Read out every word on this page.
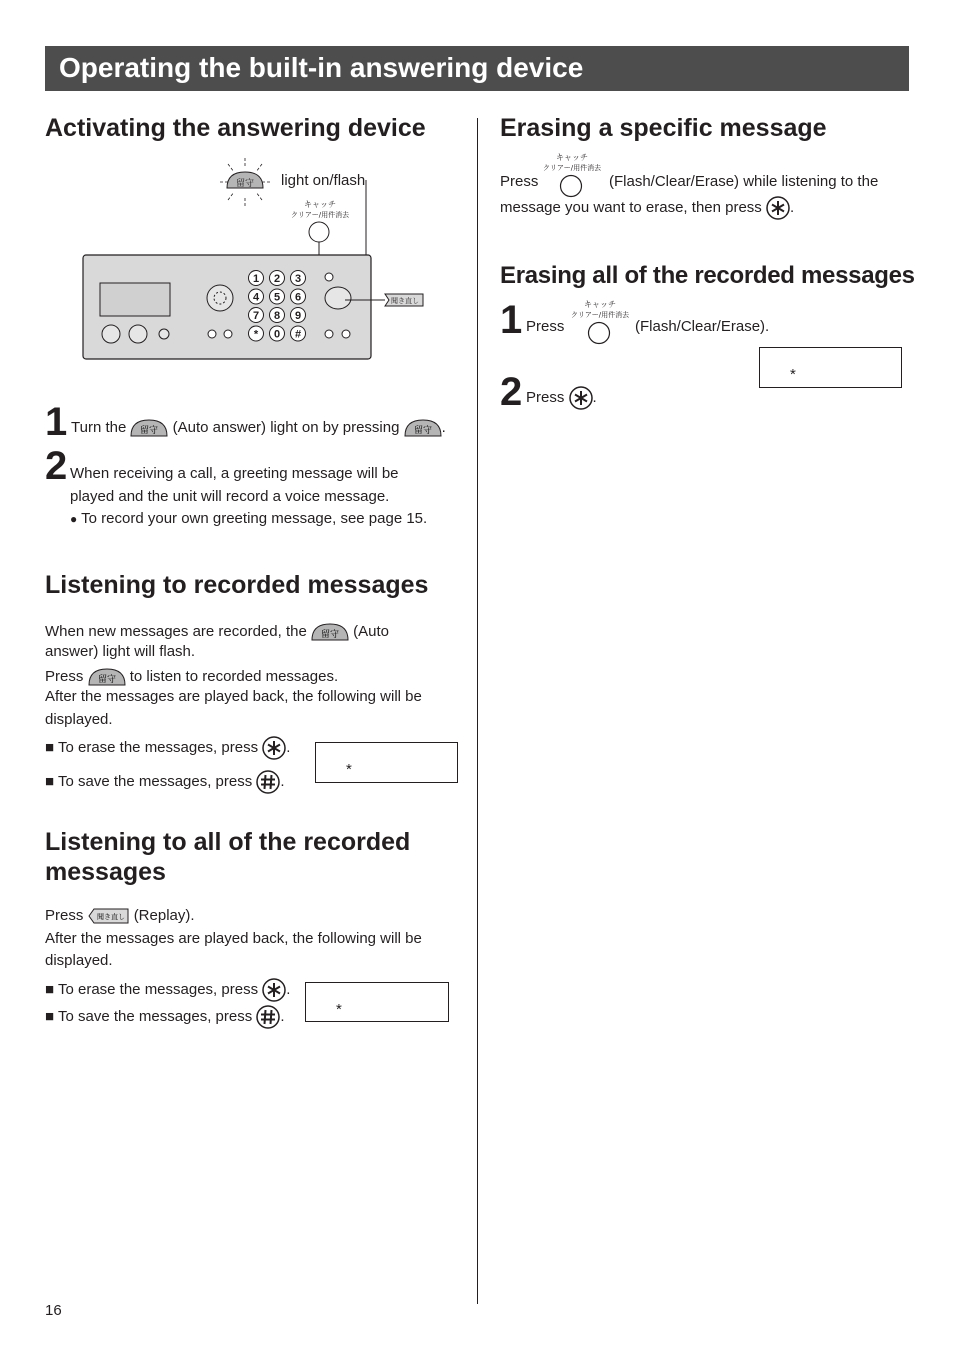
Operating the built-in answering device
Activating the answering device
留守 light on/flash
キャッチ
クリアー/用件消去
聞き直し
1 2 3
4 5 6
7 8 9
* 0 #
1 Turn the 留守 (Auto answer) light on by pressing 留守 .
2 When receiving a call, a greeting message will be
played and the unit will record a voice message.
● To record your own greeting message, see page 15.
Listening to recorded messages
When new messages are recorded, the 留守 (Auto
answer) light will flash.
Press 留守 to listen to recorded messages.
After the messages are played back, the following will be
displayed.
■ To erase the messages, press .
■ To save the messages, press .
*
Listening to all of the recorded
messages
Press 聞き直し (Replay).
After the messages are played back, the following will be
displayed.
■ To erase the messages, press .
■ To save the messages, press .	*
Erasing a specific message
キャッチ
クリアー/用件消去
Press	(Flash/Clear/Erase) while listening to the
message you want to erase, then press .
Erasing all of the recorded messages
1 Press
キャッチ
クリアー/用件消去
(Flash/Clear/Erase).
*
2 Press .
16
